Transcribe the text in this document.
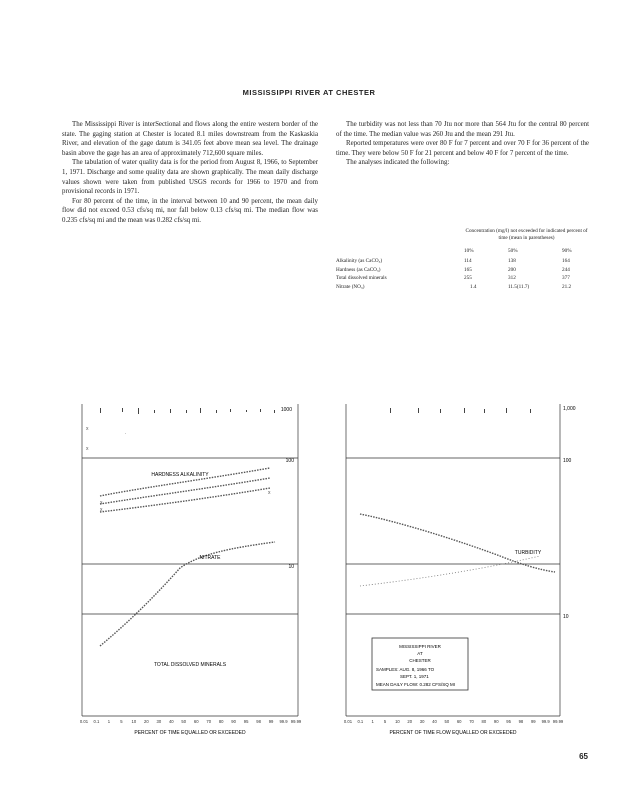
MISSISSIPPI RIVER AT CHESTER

The Mississippi River is interSectional and flows along the entire western border of the state. The gaging station at Chester is located 8.1 miles downstream from the Kaskaskia River, and elevation of the gage datum is 341.05 feet above mean sea level. The drainage basin above the gage has an area of approximately 712,600 square miles.

The tabulation of water quality data is for the period from August 8, 1966, to September 1, 1971. Discharge and some quality data are shown graphically. The mean daily discharge values shown were taken from published USGS records for 1966 to 1970 and from provisional records in 1971.

For 80 percent of the time, in the interval between 10 and 90 percent, the mean daily flow did not exceed 0.53 cfs/sq mi, nor fall below 0.13 cfs/sq mi. The median flow was 0.235 cfs/sq mi and the mean was 0.282 cfs/sq mi.

The turbidity was not less than 70 Jtu nor more than 564 Jtu for the central 80 percent of the time. The median value was 260 Jtu and the mean 291 Jtu.

Reported temperatures were over 80 F for 7 percent and over 70 F for 36 percent of the time. They were below 50 F for 21 percent and below 40 F for 7 percent of the time.

The analyses indicated the following:

Concentration (mg/l) not exceeded for indicated percent of time (mean in parentheses)
10%	50%	90%
Alkalinity (as CaCO₃)	114	138	164
Hardness (as CaCO₃)	165	200	244
Total dissolved minerals	255	312	377
Nitrate (NO₃)	1.4	11.5(11.7)	21.2
x
x
x
x
.
x
1000
100
10
1,000
100
10
HARDNESS ALKALINITY
NITRATE
TOTAL DISSOLVED MINERALS
TURBIDITY
MISSISSIPPI RIVER
AT
CHESTER
SAMPLES: AUG. 8, 1966 TO
SEPT. 1, 1971
MEAN DAILY FLOW: 0.282 CFS/SQ MI
0.01 0.1 1 5 10 20 30 40 50 60 70 80 90 95 98 99 99.9 99.99	0.01 0.1 1 5 10 20 30 40 50 60 70 80 90 95 98 99 99.9 99.99
PERCENT OF TIME EQUALLED OR EXCEEDED	PERCENT OF TIME FLOW EQUALLED OR EXCEEDED
65
